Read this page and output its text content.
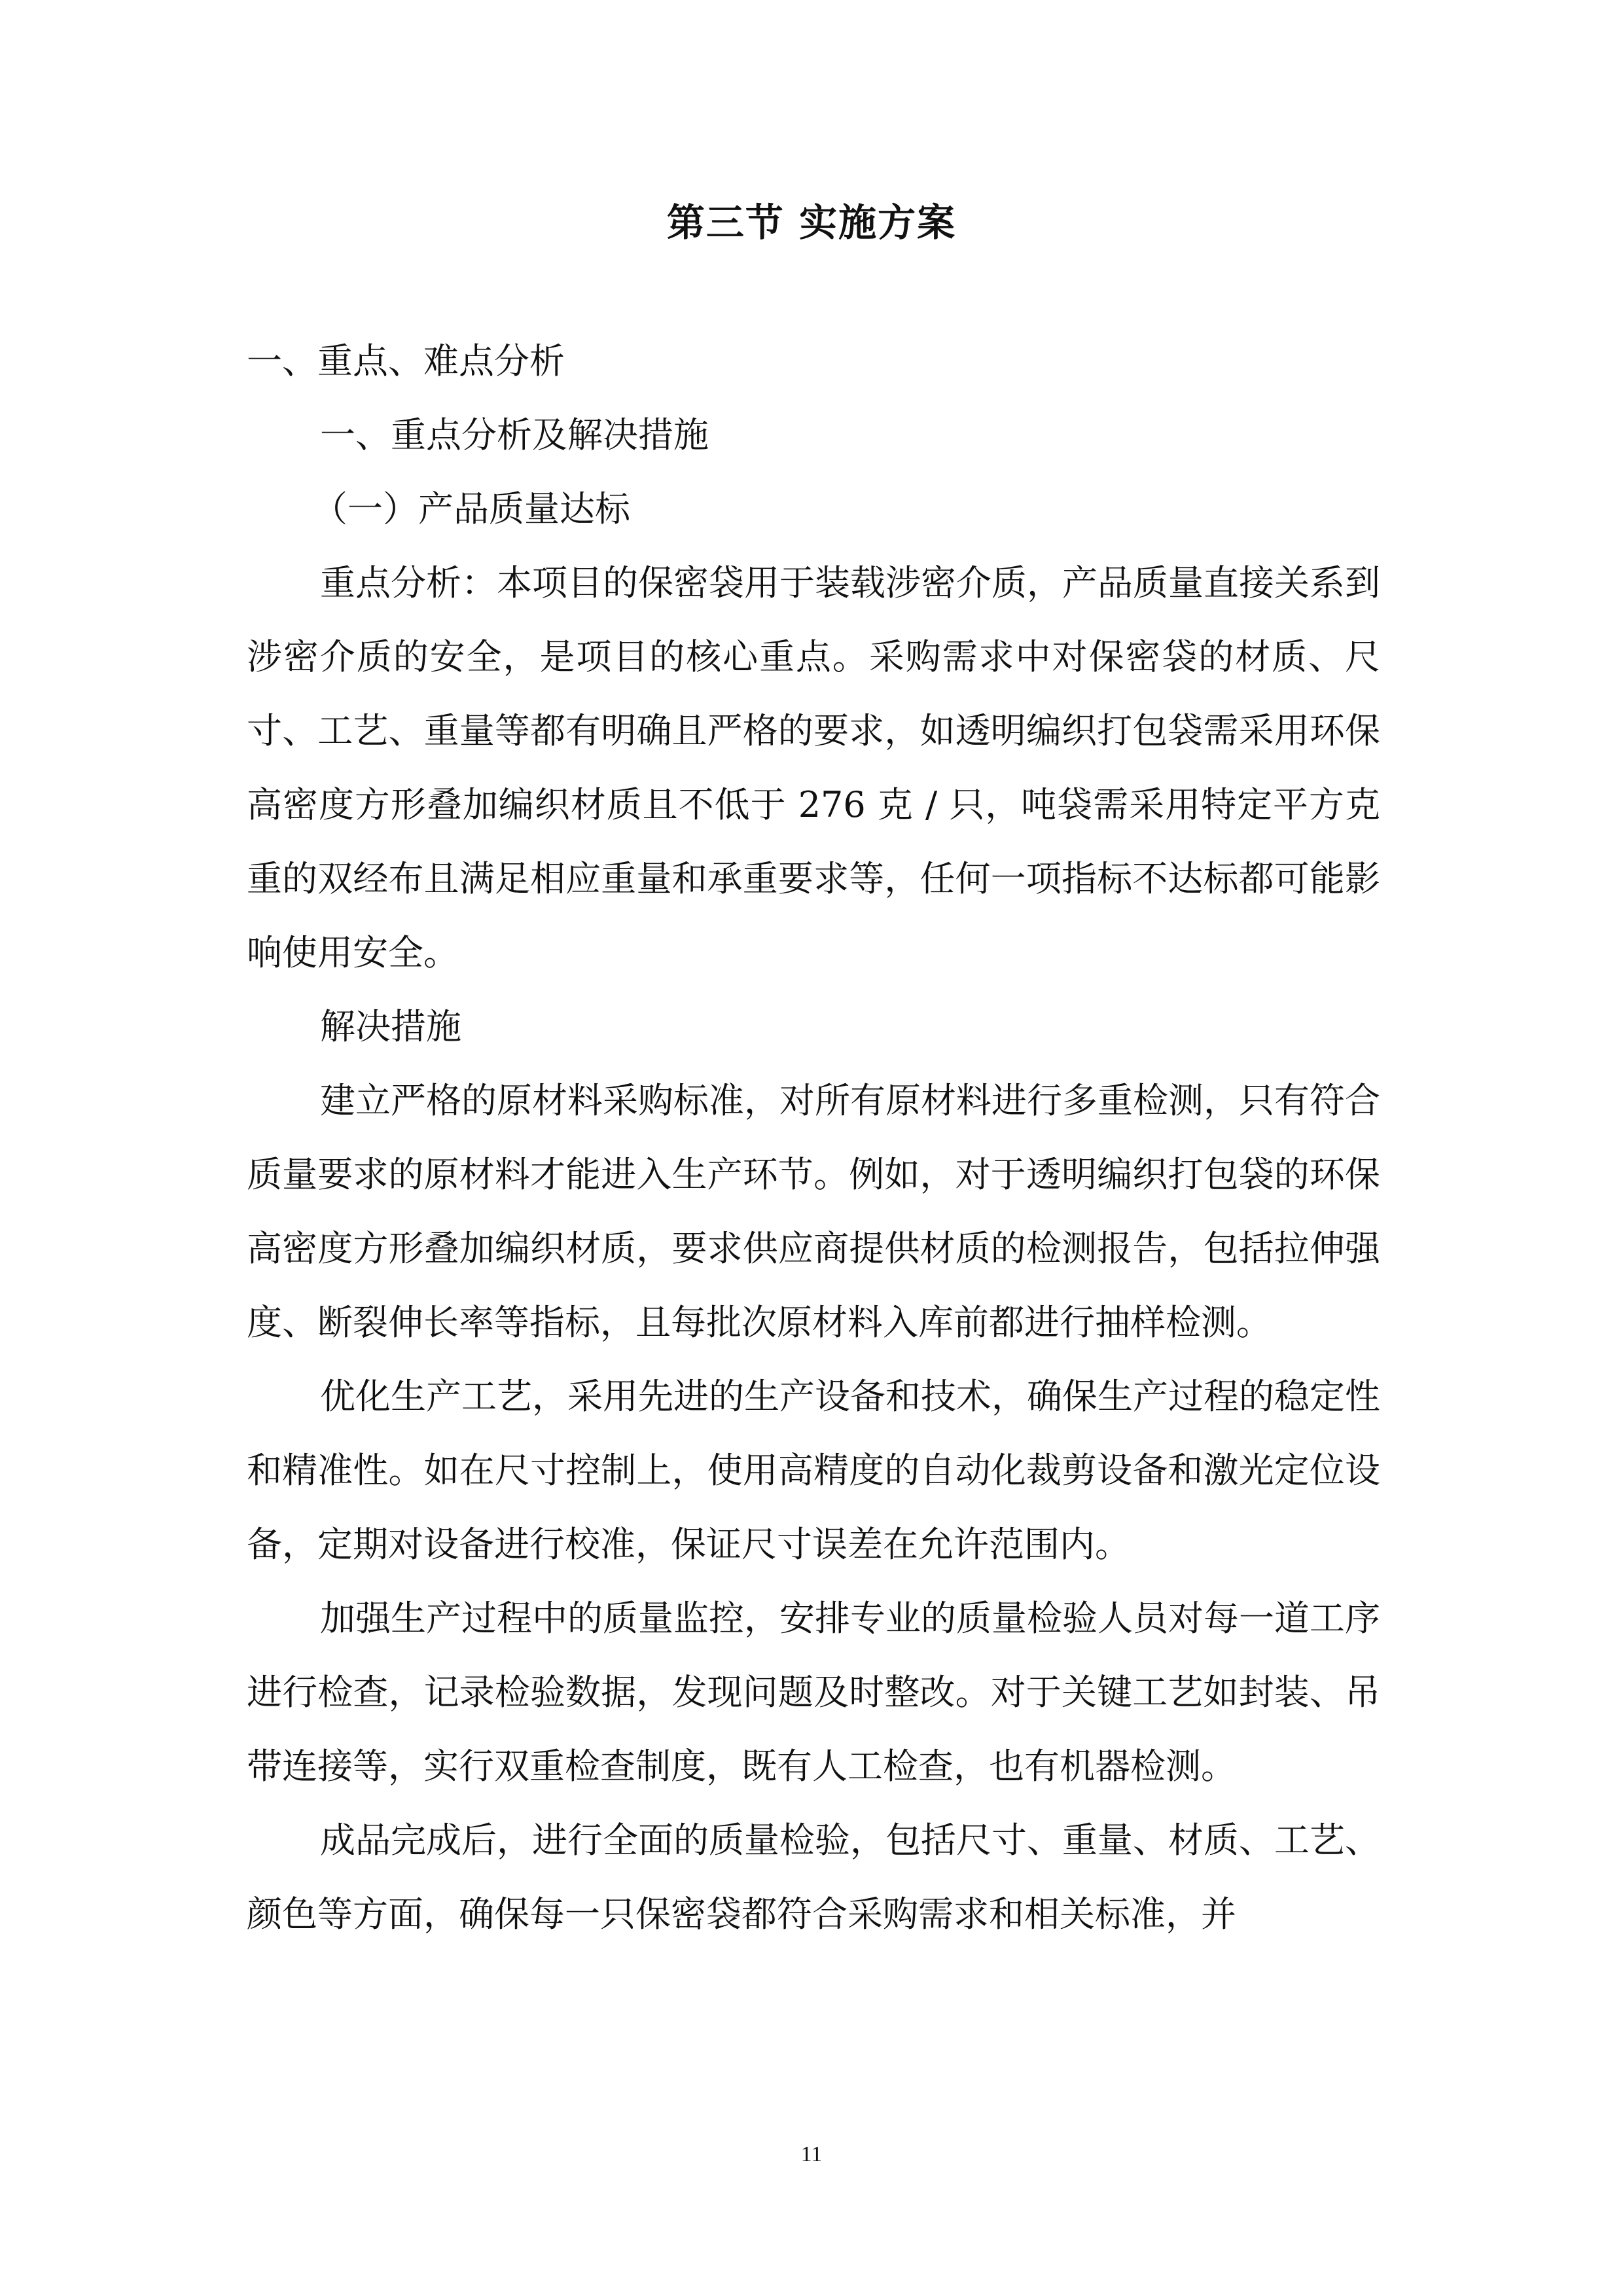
第三节 实施方案

一、重点、难点分析

一、重点分析及解决措施

（一）产品质量达标

重点分析：本项目的保密袋用于装载涉密介质，产品质量直接关系到涉密介质的安全，是项目的核心重点。采购需求中对保密袋的材质、尺寸、工艺、重量等都有明确且严格的要求，如透明编织打包袋需采用环保高密度方形叠加编织材质且不低于 276 克 / 只，吨袋需采用特定平方克重的双经布且满足相应重量和承重要求等，任何一项指标不达标都可能影响使用安全。

解决措施

建立严格的原材料采购标准，对所有原材料进行多重检测，只有符合质量要求的原材料才能进入生产环节。例如，对于透明编织打包袋的环保高密度方形叠加编织材质，要求供应商提供材质的检测报告，包括拉伸强度、断裂伸长率等指标，且每批次原材料入库前都进行抽样检测。

优化生产工艺，采用先进的生产设备和技术，确保生产过程的稳定性和精准性。如在尺寸控制上，使用高精度的自动化裁剪设备和激光定位设备，定期对设备进行校准，保证尺寸误差在允许范围内。

加强生产过程中的质量监控，安排专业的质量检验人员对每一道工序进行检查，记录检验数据，发现问题及时整改。对于关键工艺如封装、吊带连接等，实行双重检查制度，既有人工检查，也有机器检测。

成品完成后，进行全面的质量检验，包括尺寸、重量、材质、工艺、颜色等方面，确保每一只保密袋都符合采购需求和相关标准，并

11
